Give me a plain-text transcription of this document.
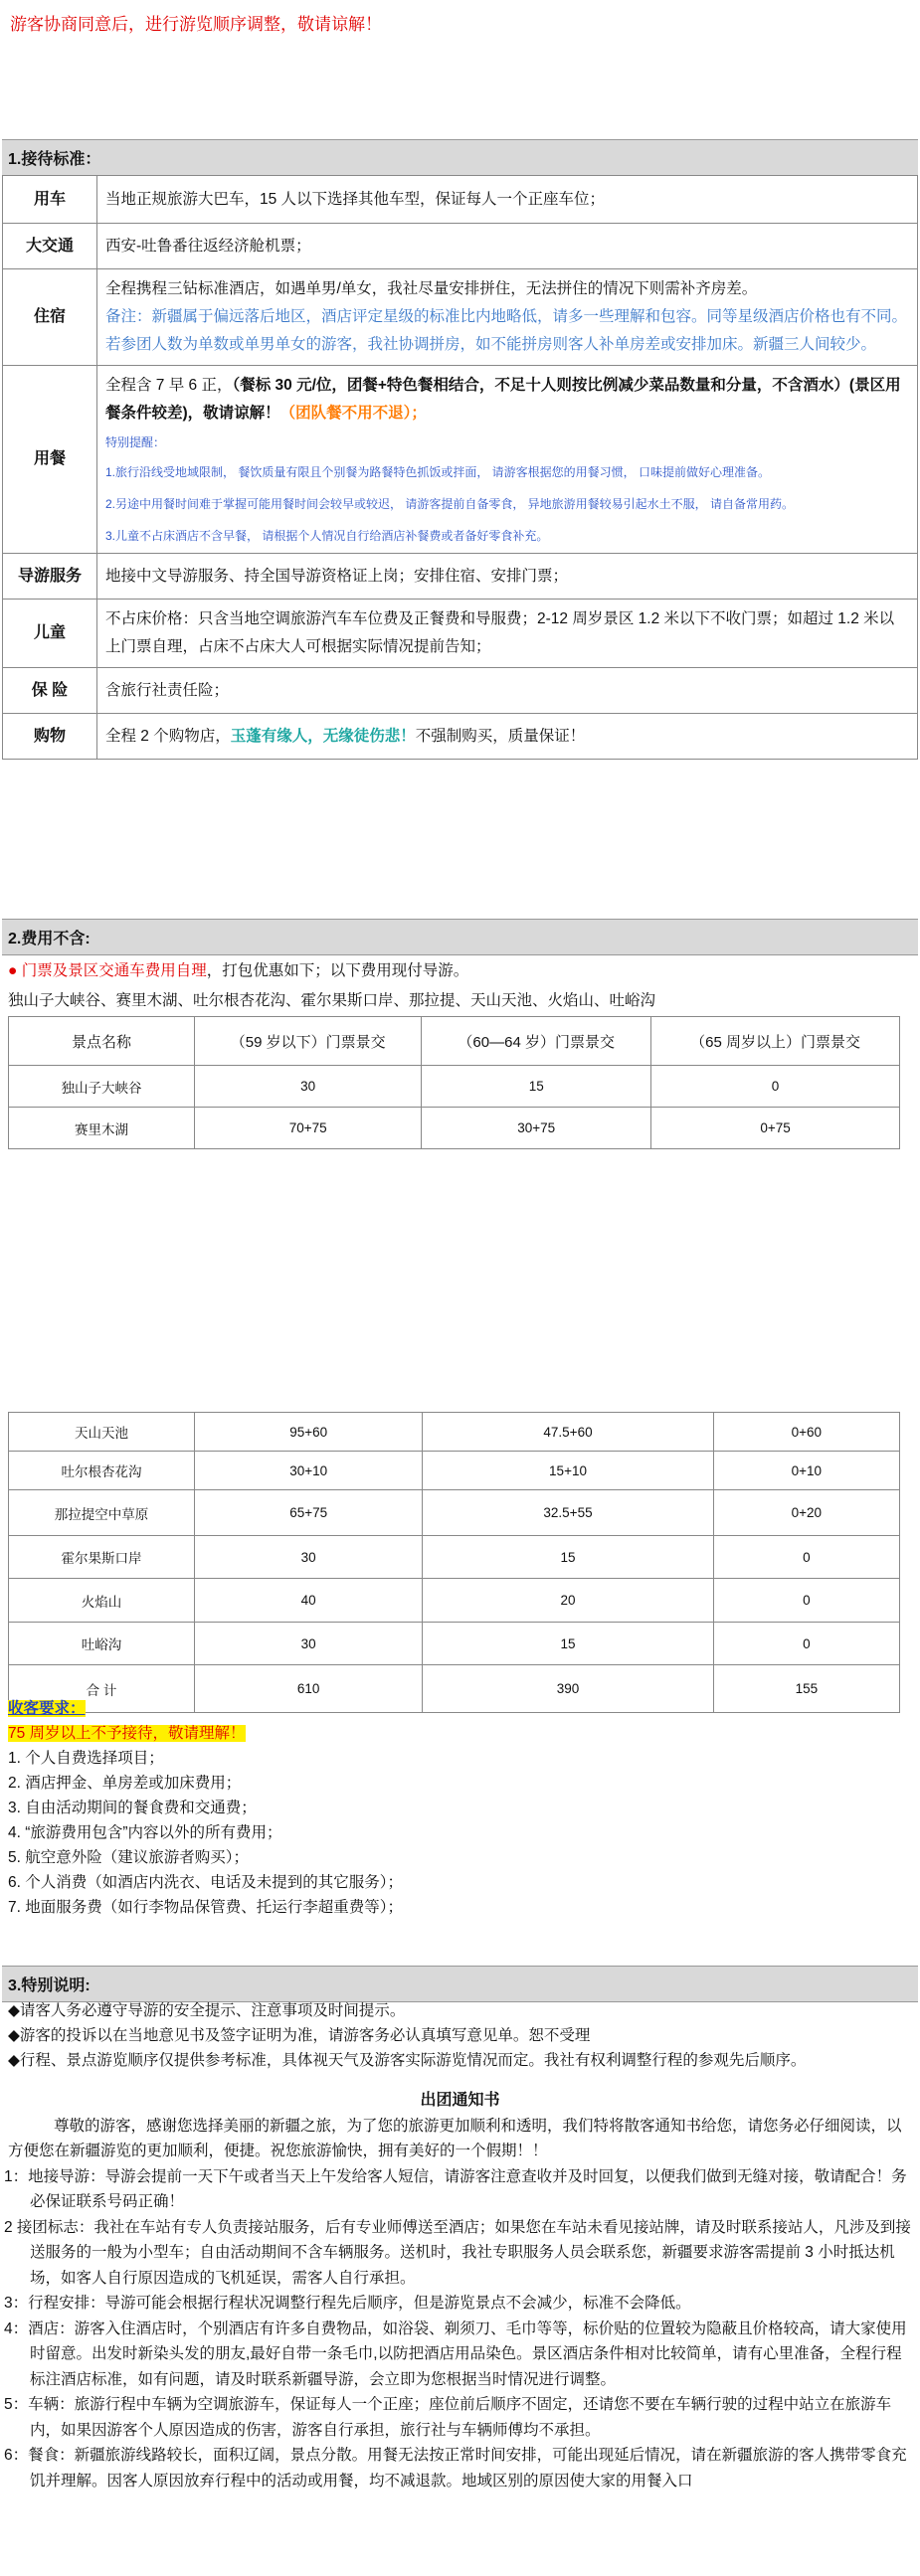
游客协商同意后，进行游览顺序调整，敬请谅解！
1.接待标准：
用车	当地正规旅游大巴车，15 人以下选择其他车型，保证每人一个正座车位；
大交通	西安-吐鲁番往返经济舱机票；
住宿	全程携程三钻标准酒店，如遇单男/单女，我社尽量安排拼住，无法拼住的情况下则需补齐房差。
备注：新疆属于偏远落后地区，酒店评定星级的标准比内地略低，请多一些理解和包容。同等星级酒店价格也有不同。若参团人数为单数或单男单女的游客，我社协调拼房，如不能拼房则客人补单房差或安排加床。新疆三人间较少。

用餐	全程含 7 早 6 正，（餐标 30 元/位，团餐+特色餐相结合，不足十人则按比例减少菜品数量和分量，不含酒水）(景区用餐条件较差)，敬请谅解！（团队餐不用不退）；
特别提醒：
1.旅行沿线受地域限制， 餐饮质量有限且个别餐为路餐特色抓饭或拌面， 请游客根据您的用餐习惯， 口味提前做好心理准备。
2.另途中用餐时间难于掌握可能用餐时间会较早或较迟， 请游客提前自备零食， 异地旅游用餐较易引起水土不服， 请自备常用药。
3.儿童不占床酒店不含早餐， 请根据个人情况自行给酒店补餐费或者备好零食补充。

导游服务	地接中文导游服务、持全国导游资格证上岗；安排住宿、安排门票；
儿童	不占床价格：只含当地空调旅游汽车车位费及正餐费和导服费；2-12 周岁景区 1.2 米以下不收门票；如超过 1.2 米以上门票自理，占床不占床大人可根据实际情况提前告知；
保 险	含旅行社责任险；
购物	全程 2 个购物店，玉蓬有缘人，无缘徒伤悲！不强制购买，质量保证！
2.费用不含:
● 门票及景区交通车费用自理，打包优惠如下；以下费用现付导游。
独山子大峡谷、赛里木湖、吐尔根杏花沟、霍尔果斯口岸、那拉提、天山天池、火焰山、吐峪沟
景点名称	（59 岁以下）门票景交	（60—64 岁）门票景交	（65 周岁以上）门票景交
独山子大峡谷	30	15	0
赛里木湖	70+75	30+75	0+75
天山天池	95+60	47.5+60	0+60
吐尔根杏花沟	30+10	15+10	0+10
那拉提空中草原	65+75	32.5+55	0+20
霍尔果斯口岸	30	15	0
火焰山	40	20	0
吐峪沟	30	15	0
合 计	610	390	155
收客要求：
75 周岁以上不予接待，敬请理解！
1. 个人自费选择项目；
2. 酒店押金、单房差或加床费用；
3. 自由活动期间的餐食费和交通费；
4. “旅游费用包含”内容以外的所有费用；
5. 航空意外险（建议旅游者购买）；
6. 个人消费（如酒店内洗衣、电话及未提到的其它服务）；
7. 地面服务费（如行李物品保管费、托运行李超重费等）；
3.特别说明:
◆请客人务必遵守导游的安全提示、注意事项及时间提示。
◆游客的投诉以在当地意见书及签字证明为准，请游客务必认真填写意见单。恕不受理
◆行程、景点游览顺序仅提供参考标准，具体视天气及游客实际游览情况而定。我社有权利调整行程的参观先后顺序。
出团通知书

尊敬的游客，感谢您选择美丽的新疆之旅，为了您的旅游更加顺利和透明，我们特将散客通知书给您，请您务必仔细阅读，以方便您在新疆游览的更加顺利，便捷。祝您旅游愉快，拥有美好的一个假期！！

1：地接导游：导游会提前一天下午或者当天上午发给客人短信，请游客注意查收并及时回复，以便我们做到无缝对接，敬请配合！务必保证联系号码正确！

2 接团标志：我社在车站有专人负责接站服务，后有专业师傅送至酒店；如果您在车站未看见接站牌，请及时联系接站人，凡涉及到接送服务的一般为小型车；自由活动期间不含车辆服务。送机时，我社专职服务人员会联系您，新疆要求游客需提前 3 小时抵达机场，如客人自行原因造成的飞机延误，需客人自行承担。

3：行程安排：导游可能会根据行程状况调整行程先后顺序，但是游览景点不会减少，标准不会降低。

4：酒店：游客入住酒店时，个别酒店有许多自费物品，如浴袋、剃须刀、毛巾等等，标价贴的位置较为隐蔽且价格较高，请大家使用时留意。出发时新染头发的朋友,最好自带一条毛巾,以防把酒店用品染色。景区酒店条件相对比较简单，请有心里准备，全程行程标注酒店标准，如有问题，请及时联系新疆导游，会立即为您根据当时情况进行调整。

5：车辆：旅游行程中车辆为空调旅游车，保证每人一个正座；座位前后顺序不固定，还请您不要在车辆行驶的过程中站立在旅游车内，如果因游客个人原因造成的伤害，游客自行承担，旅行社与车辆师傅均不承担。

6：餐食：新疆旅游线路较长，面积辽阔，景点分散。用餐无法按正常时间安排，可能出现延后情况，请在新疆旅游的客人携带零食充饥并理解。因客人原因放弃行程中的活动或用餐，均不减退款。地域区别的原因使大家的用餐入口
